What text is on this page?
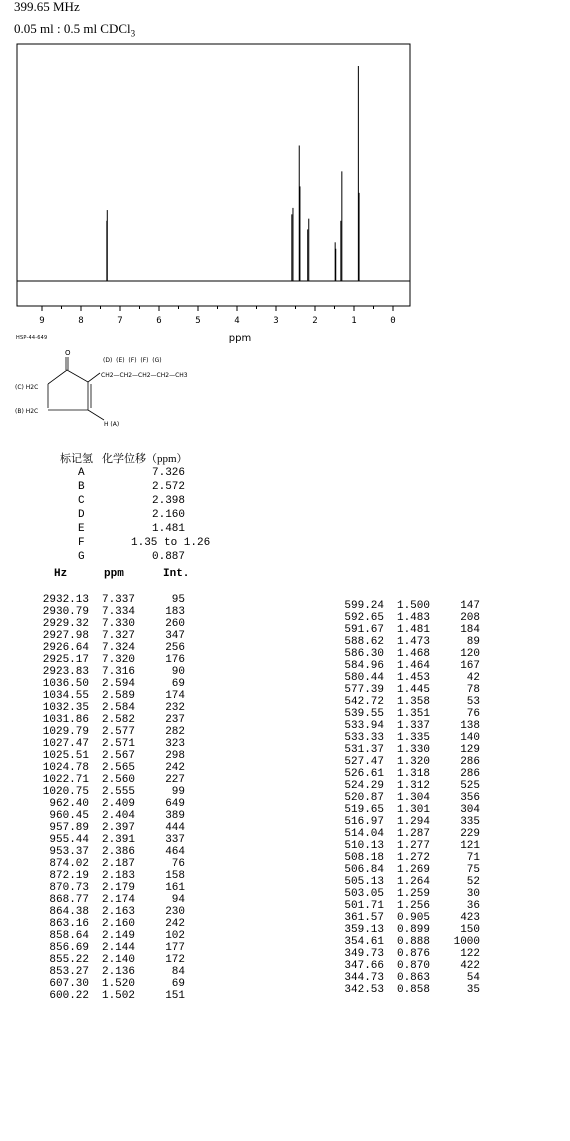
399.65 MHz
0.05 ml : 0.5 ml CDCl$_3$
9	8	7	6	5	4	3	2	1	0
ppm
HSP-44-649
O
(D)  (E)  (F)  (F)  (G)
CH2—CH2—CH2—CH2—CH3
(C) H2C
(B) H2C
H (A)
标记氢 化学位移（ppm）
A	7.326
B	2.572
C	2.398
D	2.160
E	1.481
F	1.35 to 1.26
G	0.887
Hz	ppm	Int.
2932.13	7.337	95
2930.79	7.334	183
2929.32	7.330	260
2927.98	7.327	347
2926.64	7.324	256
2925.17	7.320	176
2923.83	7.316	90
1036.50	2.594	69
1034.55	2.589	174
1032.35	2.584	232
1031.86	2.582	237
1029.79	2.577	282
1027.47	2.571	323
1025.51	2.567	298
1024.78	2.565	242
1022.71	2.560	227
1020.75	2.555	99
962.40	2.409	649
960.45	2.404	389
957.89	2.397	444
955.44	2.391	337
953.37	2.386	464
874.02	2.187	76
872.19	2.183	158
870.73	2.179	161
868.77	2.174	94
864.38	2.163	230
863.16	2.160	242
858.64	2.149	102
856.69	2.144	177
855.22	2.140	172
853.27	2.136	84
607.30	1.520	69
600.22	1.502	151
599.24	1.500	147
592.65	1.483	208
591.67	1.481	184
588.62	1.473	89
586.30	1.468	120
584.96	1.464	167
580.44	1.453	42
577.39	1.445	78
542.72	1.358	53
539.55	1.351	76
533.94	1.337	138
533.33	1.335	140
531.37	1.330	129
527.47	1.320	286
526.61	1.318	286
524.29	1.312	525
520.87	1.304	356
519.65	1.301	304
516.97	1.294	335
514.04	1.287	229
510.13	1.277	121
508.18	1.272	71
506.84	1.269	75
505.13	1.264	52
503.05	1.259	30
501.71	1.256	36
361.57	0.905	423
359.13	0.899	150
354.61	0.888	1000
349.73	0.876	122
347.66	0.870	422
344.73	0.863	54
342.53	0.858	35
